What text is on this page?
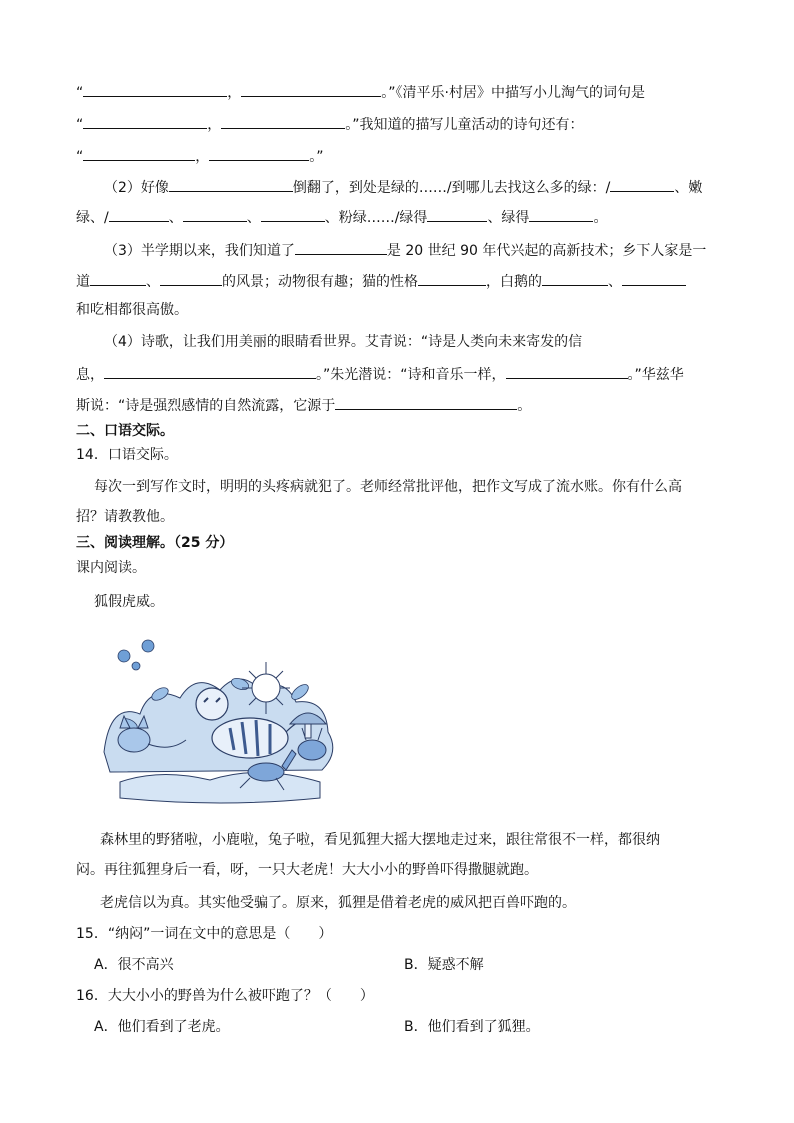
“	，	。”《清平乐·村居》中描写小儿淘气的词句是
“	，	。”我知道的描写儿童活动的诗句还有：
“	，	。”
（2）好像	倒翻了，到处是绿的……/到哪儿去找这么多的绿：/	、嫩
绿、/	、	、	、粉绿……/绿得	、绿得	。
（3）半学期以来，我们知道了	是 20 世纪 90 年代兴起的高新技术；乡下人家是一
道	、	的风景；动物很有趣；猫的性格	，白鹅的	、
和吃相都很高傲。
（4）诗歌，让我们用美丽的眼睛看世界。艾青说：“诗是人类向未来寄发的信
息，	。”朱光潜说：“诗和音乐一样，	。”华兹华
斯说：“诗是强烈感情的自然流露，它源于	。
二、口语交际。
14．口语交际。
每次一到写作文时，明明的头疼病就犯了。老师经常批评他，把作文写成了流水账。你有什么高
招？请教教他。
三、阅读理解。（25 分）
课内阅读。
狐假虎威。
森林里的野猪啦，小鹿啦，兔子啦，看见狐狸大摇大摆地走过来，跟往常很不一样，都很纳
闷。再往狐狸身后一看，呀，一只大老虎！大大小小的野兽吓得撒腿就跑。
老虎信以为真。其实他受骗了。原来，狐狸是借着老虎的威风把百兽吓跑的。
15．“纳闷”一词在文中的意思是（　　）
A．很不高兴	B．疑惑不解
16．大大小小的野兽为什么被吓跑了？（　　）
A．他们看到了老虎。	B．他们看到了狐狸。
